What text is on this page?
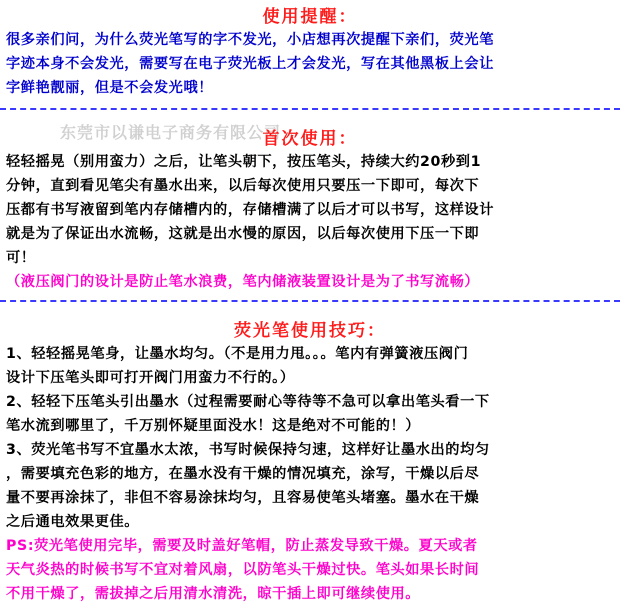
使用提醒：
很多亲们问，为什么荧光笔写的字不发光，小店想再次提醒下亲们，荧光笔
字迹本身不会发光，需要写在电子荧光板上才会发光，写在其他黑板上会让
字鲜艳靓丽，但是不会发光哦！
东莞市以谦电子商务有限公司
首次使用：
轻轻摇晃（别用蛮力）之后，让笔头朝下，按压笔头，持续大约20秒到1
分钟，直到看见笔尖有墨水出来，以后每次使用只要压一下即可，每次下
压都有书写液留到笔内存储槽内的，存储槽满了以后才可以书写，这样设计
就是为了保证出水流畅，这就是出水慢的原因，以后每次使用下压一下即
可！
（液压阀门的设计是防止笔水浪费，笔内储液装置设计是为了书写流畅）
荧光笔使用技巧：
1、轻轻摇晃笔身，让墨水均匀。（不是用力甩。。。笔内有弹簧液压阀门
设计下压笔头即可打开阀门用蛮力不行的。）
2、轻轻下压笔头引出墨水（过程需要耐心等待等不急可以拿出笔头看一下
笔水流到哪里了，千万别怀疑里面没水！这是绝对不可能的！）
3、荧光笔书写不宜墨水太浓，书写时候保持匀速，这样好让墨水出的均匀
，需要填充色彩的地方，在墨水没有干燥的情况填充，涂写，干燥以后尽
量不要再涂抹了，非但不容易涂抹均匀，且容易使笔头堵塞。墨水在干燥
之后通电效果更佳。
PS:荧光笔使用完毕，需要及时盖好笔帽，防止蒸发导致干燥。夏天或者
天气炎热的时候书写不宜对着风扇，以防笔头干燥过快。笔头如果长时间
不用干燥了，需拔掉之后用清水清洗，晾干插上即可继续使用。
